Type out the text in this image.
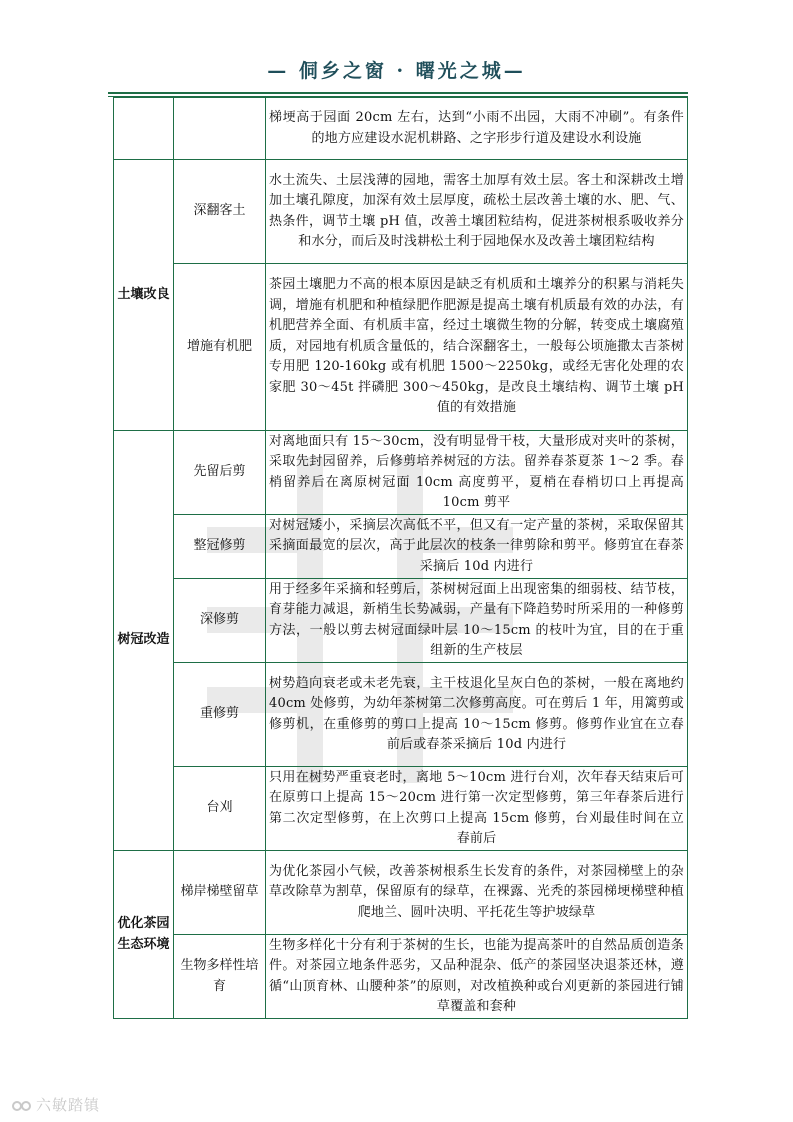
— 侗乡之窗 · 曙光之城—
		梯埂高于园面 20cm 左右，达到“小雨不出园，大雨不冲刷”。有条件的地方应建设水泥机耕路、之字形步行道及建设水利设施
土壤改良	深翻客土	水土流失、土层浅薄的园地，需客土加厚有效土层。客土和深耕改土增加土壤孔隙度，加深有效土层厚度，疏松土层改善土壤的水、肥、气、热条件，调节土壤 pH 值，改善土壤团粒结构，促进茶树根系吸收养分和水分，而后及时浅耕松土利于园地保水及改善土壤团粒结构
	增施有机肥	茶园土壤肥力不高的根本原因是缺乏有机质和土壤养分的积累与消耗失调，增施有机肥和种植绿肥作肥源是提高土壤有机质最有效的办法，有机肥营养全面、有机质丰富，经过土壤微生物的分解，转变成土壤腐殖质，对园地有机质含量低的，结合深翻客土，一般每公顷施撒太吉茶树专用肥 120-160kg 或有机肥 1500～2250kg，或经无害化处理的农家肥 30～45t 拌磷肥 300～450kg，是改良土壤结构、调节土壤 pH 值的有效措施
树冠改造	先留后剪	对离地面只有 15～30cm，没有明显骨干枝，大量形成对夹叶的茶树，采取先封园留养，后修剪培养树冠的方法。留养春茶夏茶 1～2 季。春梢留养后在离原树冠面 10cm 高度剪平，夏梢在春梢切口上再提高 10cm 剪平
	整冠修剪	对树冠矮小，采摘层次高低不平，但又有一定产量的茶树，采取保留其采摘面最宽的层次，高于此层次的枝条一律剪除和剪平。修剪宜在春茶采摘后 10d 内进行
	深修剪	用于经多年采摘和轻剪后，茶树树冠面上出现密集的细弱枝、结节枝，育芽能力减退，新梢生长势减弱，产量有下降趋势时所采用的一种修剪方法，一般以剪去树冠面绿叶层 10～15cm 的枝叶为宜，目的在于重组新的生产枝层
	重修剪	树势趋向衰老或未老先衰，主干枝退化呈灰白色的茶树，一般在离地约 40cm 处修剪，为幼年茶树第二次修剪高度。可在剪后 1 年，用篱剪或修剪机，在重修剪的剪口上提高 10～15cm 修剪。修剪作业宜在立春前后或春茶采摘后 10d 内进行
	台刈	只用在树势严重衰老时，离地 5～10cm 进行台刈，次年春天结束后可在原剪口上提高 15～20cm 进行第一次定型修剪，第三年春茶后进行第二次定型修剪，在上次剪口上提高 15cm 修剪，台刈最佳时间在立春前后
优化茶园生态环境	梯岸梯壁留草	为优化茶园小气候，改善茶树根系生长发育的条件，对茶园梯壁上的杂草改除草为割草，保留原有的绿草，在裸露、光秃的茶园梯埂梯壁种植爬地兰、圆叶决明、平托花生等护坡绿草
	生物多样性培育	生物多样化十分有利于茶树的生长，也能为提高茶叶的自然品质创造条件。对茶园立地条件恶劣，又品种混杂、低产的茶园坚决退茶还林，遵循“山顶育林、山腰种茶”的原则，对改植换种或台刈更新的茶园进行铺草覆盖和套种
六敏踏镇
